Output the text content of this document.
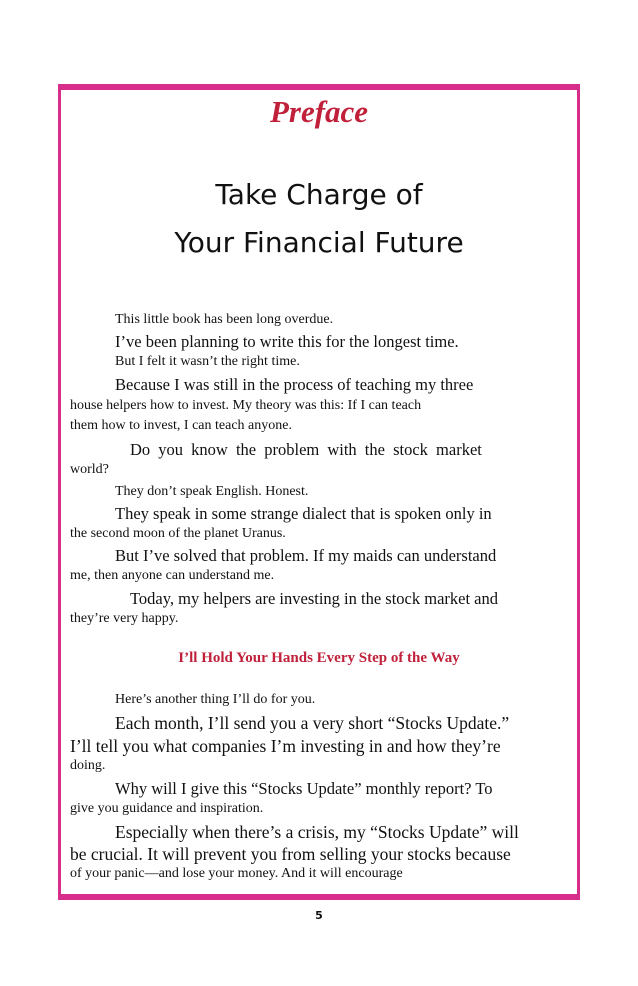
Preface
Take Charge of
Your Financial Future
This little book has been long overdue.
I’ve been planning to write this for the longest time.
But I felt it wasn’t the right time.
Because I was still in the process of teaching my three
house helpers how to invest. My theory was this: If I can teach
them how to invest, I can teach anyone.
Do you know the problem with the stock market
world?
They don’t speak English. Honest.
They speak in some strange dialect that is spoken only in
the second moon of the planet Uranus.
But I’ve solved that problem. If my maids can understand
me, then anyone can understand me.
Today, my helpers are investing in the stock market and
they’re very happy.
I’ll Hold Your Hands Every Step of the Way
Here’s another thing I’ll do for you.
Each month, I’ll send you a very short “Stocks Update.”
I’ll tell you what companies I’m investing in and how they’re
doing.
Why will I give this “Stocks Update” monthly report? To
give you guidance and inspiration.
Especially when there’s a crisis, my “Stocks Update” will
be crucial. It will prevent you from selling your stocks because
of your panic—and lose your money. And it will encourage
5
